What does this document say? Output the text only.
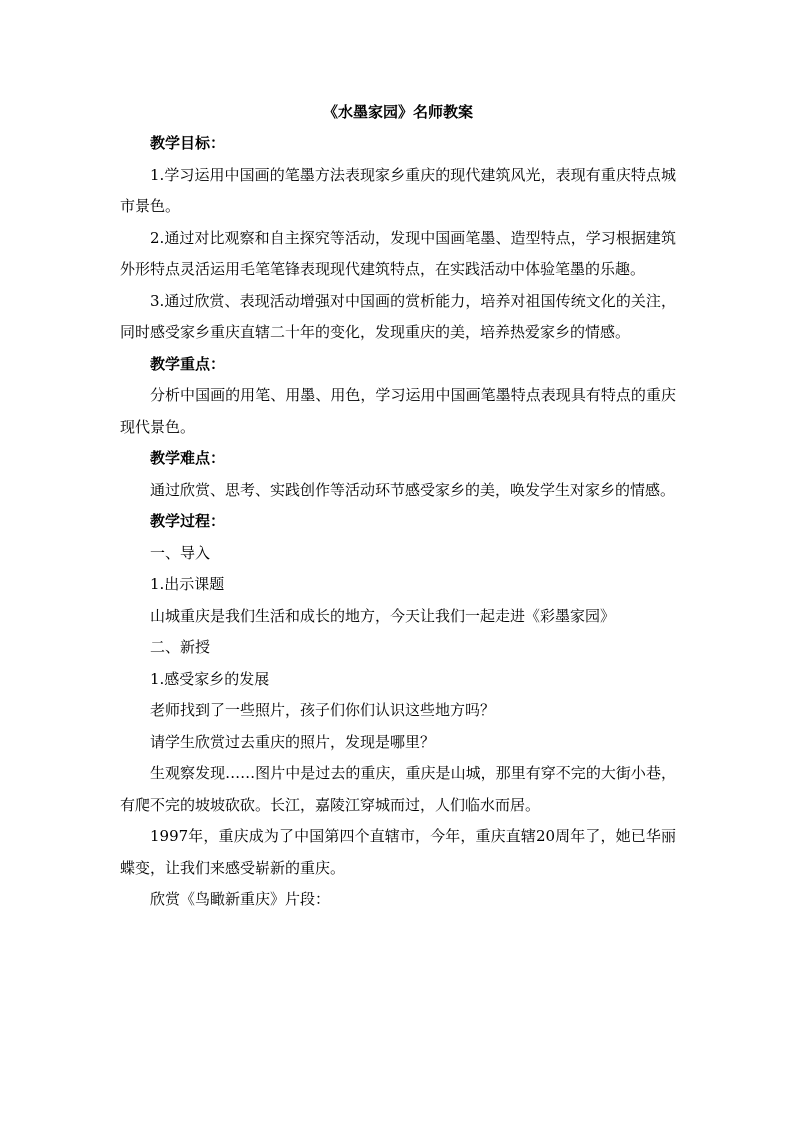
《水墨家园》名师教案

教学目标：

1.学习运用中国画的笔墨方法表现家乡重庆的现代建筑风光，表现有重庆特点城市景色。

2.通过对比观察和自主探究等活动，发现中国画笔墨、造型特点，学习根据建筑外形特点灵活运用毛笔笔锋表现现代建筑特点，在实践活动中体验笔墨的乐趣。

3.通过欣赏、表现活动增强对中国画的赏析能力，培养对祖国传统文化的关注，同时感受家乡重庆直辖二十年的变化，发现重庆的美，培养热爱家乡的情感。

教学重点：

分析中国画的用笔、用墨、用色，学习运用中国画笔墨特点表现具有特点的重庆现代景色。

教学难点：

通过欣赏、思考、实践创作等活动环节感受家乡的美，唤发学生对家乡的情感。

教学过程：

一、导入

1.出示课题

山城重庆是我们生活和成长的地方，今天让我们一起走进《彩墨家园》

二、新授

1.感受家乡的发展

老师找到了一些照片，孩子们你们认识这些地方吗？

请学生欣赏过去重庆的照片，发现是哪里？

生观察发现……图片中是过去的重庆，重庆是山城，那里有穿不完的大街小巷，有爬不完的坡坡砍砍。长江，嘉陵江穿城而过，人们临水而居。

1997年，重庆成为了中国第四个直辖市，今年，重庆直辖20周年了，她已华丽蝶变，让我们来感受崭新的重庆。

欣赏《鸟瞰新重庆》片段：
